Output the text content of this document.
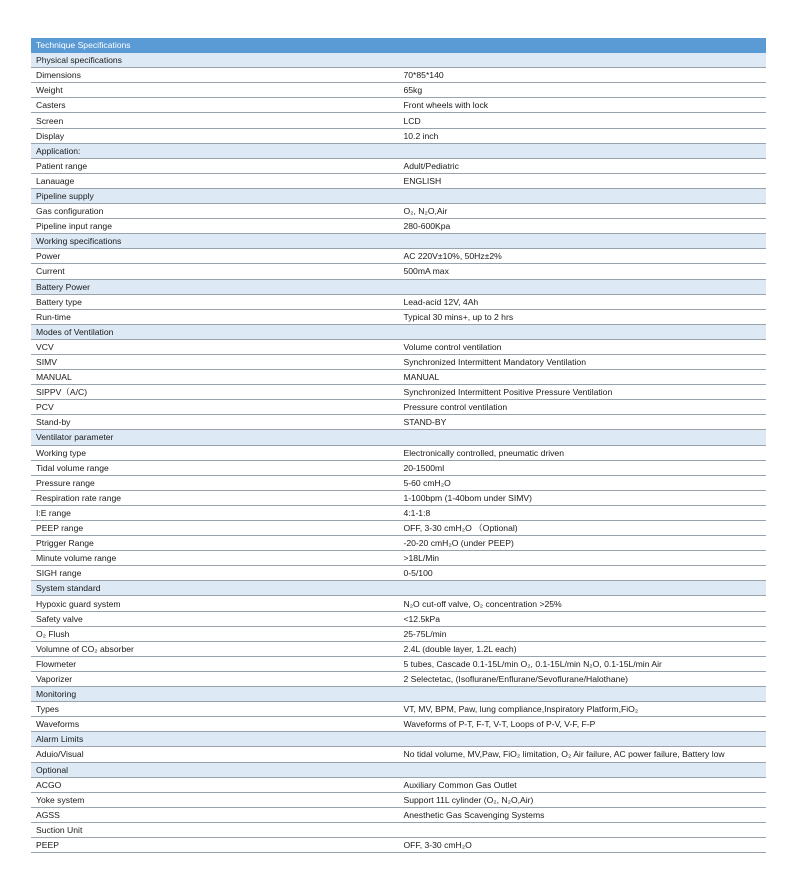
Technique Specifications	
Physical specifications	
Dimensions	70*85*140
Weight	65kg
Casters	Front wheels with lock
Screen	LCD
Display	10.2 inch
Application:	
Patient range	Adult/Pediatric
Lanauage	ENGLISH
Pipeline supply	
Gas configuration	O₂, N₂O,Air
Pipeline input range	280-600Kpa
Working specifications	
Power	AC 220V±10%, 50Hz±2%
Current	500mA max
Battery Power	
Battery type	Lead-acid 12V, 4Ah
Run-time	Typical 30 mins+, up to 2 hrs
Modes of Ventilation	
VCV	Volume control ventilation
SIMV	Synchronized Intermittent Mandatory Ventilation
MANUAL	MANUAL
SIPPV（A/C)	Synchronized Intermittent Positive Pressure Ventilation
PCV	Pressure control ventilation
Stand-by	STAND-BY
Ventilator parameter	
Working type	Electronically controlled, pneumatic driven
Tidal volume range	20-1500ml
Pressure range	5-60 cmH₂O
Respiration rate range	1-100bpm (1-40bom under SIMV)
I:E range	4:1-1:8
PEEP range	OFF, 3-30 cmH₂O （Optional)
Ptrigger Range	-20-20 cmH₂O (under PEEP)
Minute volume range	>18L/Min
SIGH range	0-5/100
System standard	
Hypoxic guard system	N₂O cut-off valve, O₂ concentration >25%
Safety valve	<12.5kPa
O₂ Flush	25-75L/min
Volumne of CO₂ absorber	2.4L (double layer, 1.2L each)
Flowmeter	5 tubes, Cascade 0.1-15L/min O₂, 0.1-15L/min N₂O, 0.1-15L/min Air
Vaporizer	2 Selectetac, (Isoflurane/Enflurane/Sevoflurane/Halothane)
Monitoring	
Types	VT, MV, BPM, Paw, lung compliance,Inspiratory Platform,FiO₂
Waveforms	Waveforms of P-T, F-T, V-T, Loops of P-V, V-F, F-P
Alarm Limits	
Aduio/Visual	No tidal volume, MV,Paw, FiO₂ limitation, O₂ Air failure, AC power failure, Battery low
Optional	
ACGO	Auxiliary Common Gas Outlet
Yoke system	Support 11L cylinder (O₂, N₂O,Air)
AGSS	Anesthetic Gas Scavenging Systems
Suction Unit	
PEEP	OFF, 3-30 cmH₂O
